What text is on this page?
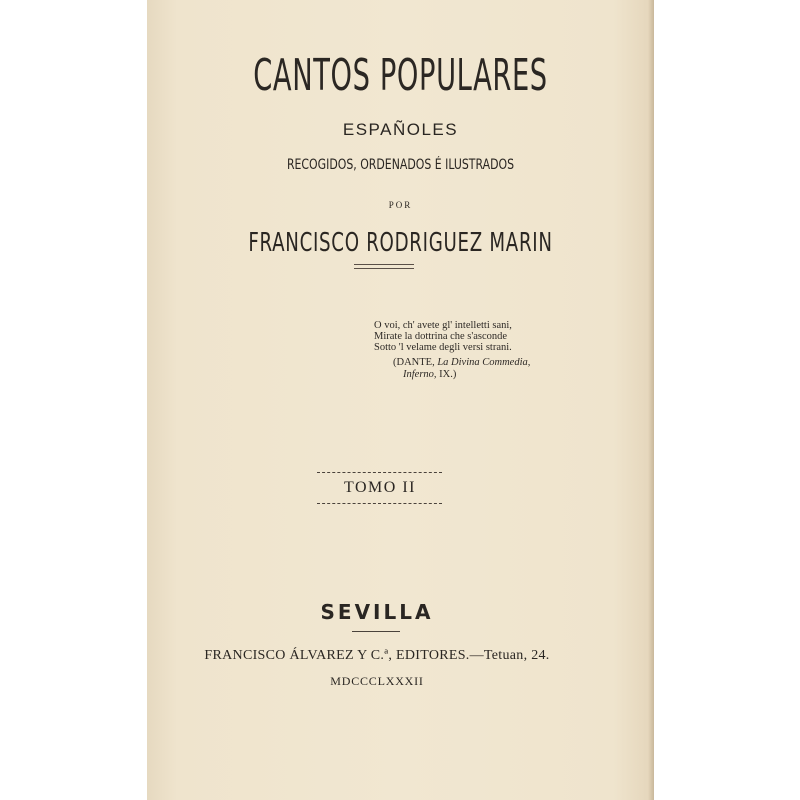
CANTOS POPULARES
ESPAÑOLES
RECOGIDOS, ORDENADOS É ILUSTRADOS
POR
FRANCISCO RODRIGUEZ MARIN
O voi, ch' avete gl' intelletti sani,
Mirate la dottrina che s'asconde
Sotto 'l velame degli versi strani.
(DANTE, La Divina Commedia,
Inferno, IX.)
TOMO II
SEVILLA
FRANCISCO ÁLVAREZ Y C.ª, EDITORES.—Tetuan, 24.
MDCCCLXXXII
